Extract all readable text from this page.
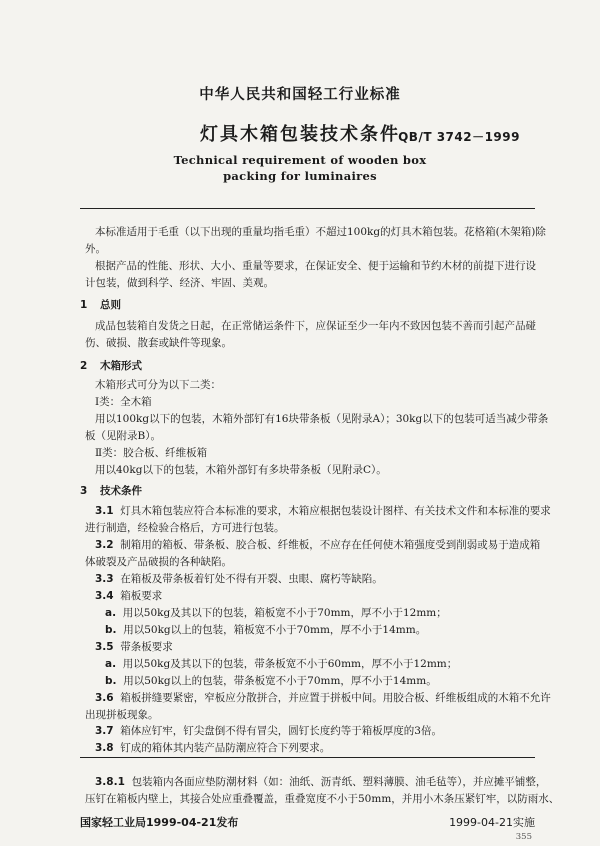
中华人民共和国轻工行业标准
灯具木箱包装技术条件
QB/T 3742－1999
Technical requirement of wooden box
packing for luminaires
本标准适用于毛重（以下出现的重量均指毛重）不超过100kg的灯具木箱包装。花格箱(木架箱)除
外。
根据产品的性能、形状、大小、重量等要求，在保证安全、便于运输和节约木材的前提下进行设
计包装，做到科学、经济、牢固、美观。
1 总则
成品包装箱自发货之日起，在正常储运条件下，应保证至少一年内不致因包装不善而引起产品碰
伤、破损、散套或缺件等现象。
2 木箱形式
木箱形式可分为以下二类：
Ⅰ类：全木箱
用以100kg以下的包装，木箱外部钉有16块带条板（见附录A）；30kg以下的包装可适当减少带条
板（见附录B）。
Ⅱ类：胶合板、纤维板箱
用以40kg以下的包装，木箱外部钉有多块带条板（见附录C）。
3 技术条件
3.1 灯具木箱包装应符合本标准的要求，木箱应根据包装设计图样、有关技术文件和本标准的要求
进行制造，经检验合格后，方可进行包装。
3.2 制箱用的箱板、带条板、胶合板、纤维板，不应存在任何使木箱强度受到削弱或易于造成箱
体破裂及产品破损的各种缺陷。
3.3 在箱板及带条板着钉处不得有开裂、虫眼、腐朽等缺陷。
3.4 箱板要求
a. 用以50kg及其以下的包装，箱板宽不小于70mm，厚不小于12mm；
b. 用以50kg以上的包装，箱板宽不小于70mm，厚不小于14mm。
3.5 带条板要求
a. 用以50kg及其以下的包装，带条板宽不小于60mm，厚不小于12mm；
b. 用以50kg以上的包装，带条板宽不小于70mm，厚不小于14mm。
3.6 箱板拼缝要紧密，窄板应分散拼合，并应置于拼板中间。用胶合板、纤维板组成的木箱不允许
出现拼板现象。
3.7 箱体应钉牢，钉尖盘倒不得有冒尖，圆钉长度约等于箱板厚度的3倍。
3.8 钉成的箱体其内装产品防潮应符合下列要求。
3.8.1 包装箱内各面应垫防潮材料（如：油纸、沥青纸、塑料薄膜、油毛毡等），并应摊平铺整，
压钉在箱板内壁上，其接合处应重叠覆盖，重叠宽度不小于50mm，并用小木条压紧钉牢，以防雨水、
国家轻工业局1999-04-21发布	1999-04-21实施
355
